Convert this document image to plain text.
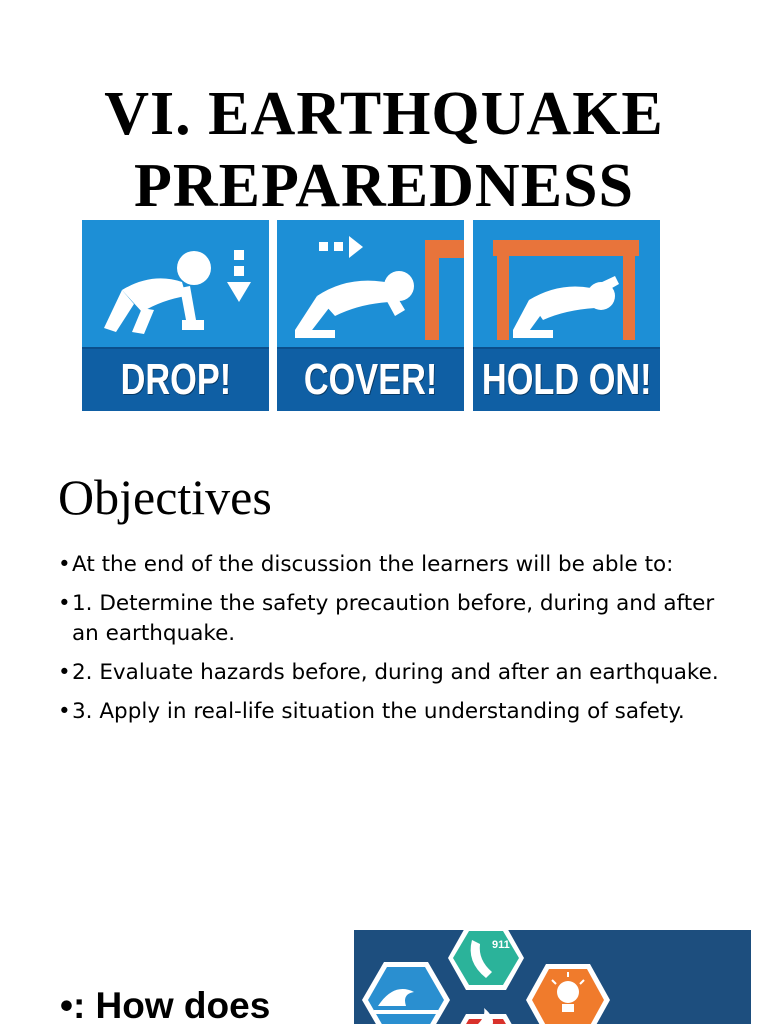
VI. EARTHQUAKE
PREPAREDNESS
DROP! COVER! HOLD ON!
Objectives
• At the end of the discussion the learners will be able to:
• 1. Determine the safety precaution before, during and after an earthquake.
• 2. Evaluate hazards before, during and after an earthquake.
• 3. Apply in real-life situation the understanding of safety.
•: How does
911
